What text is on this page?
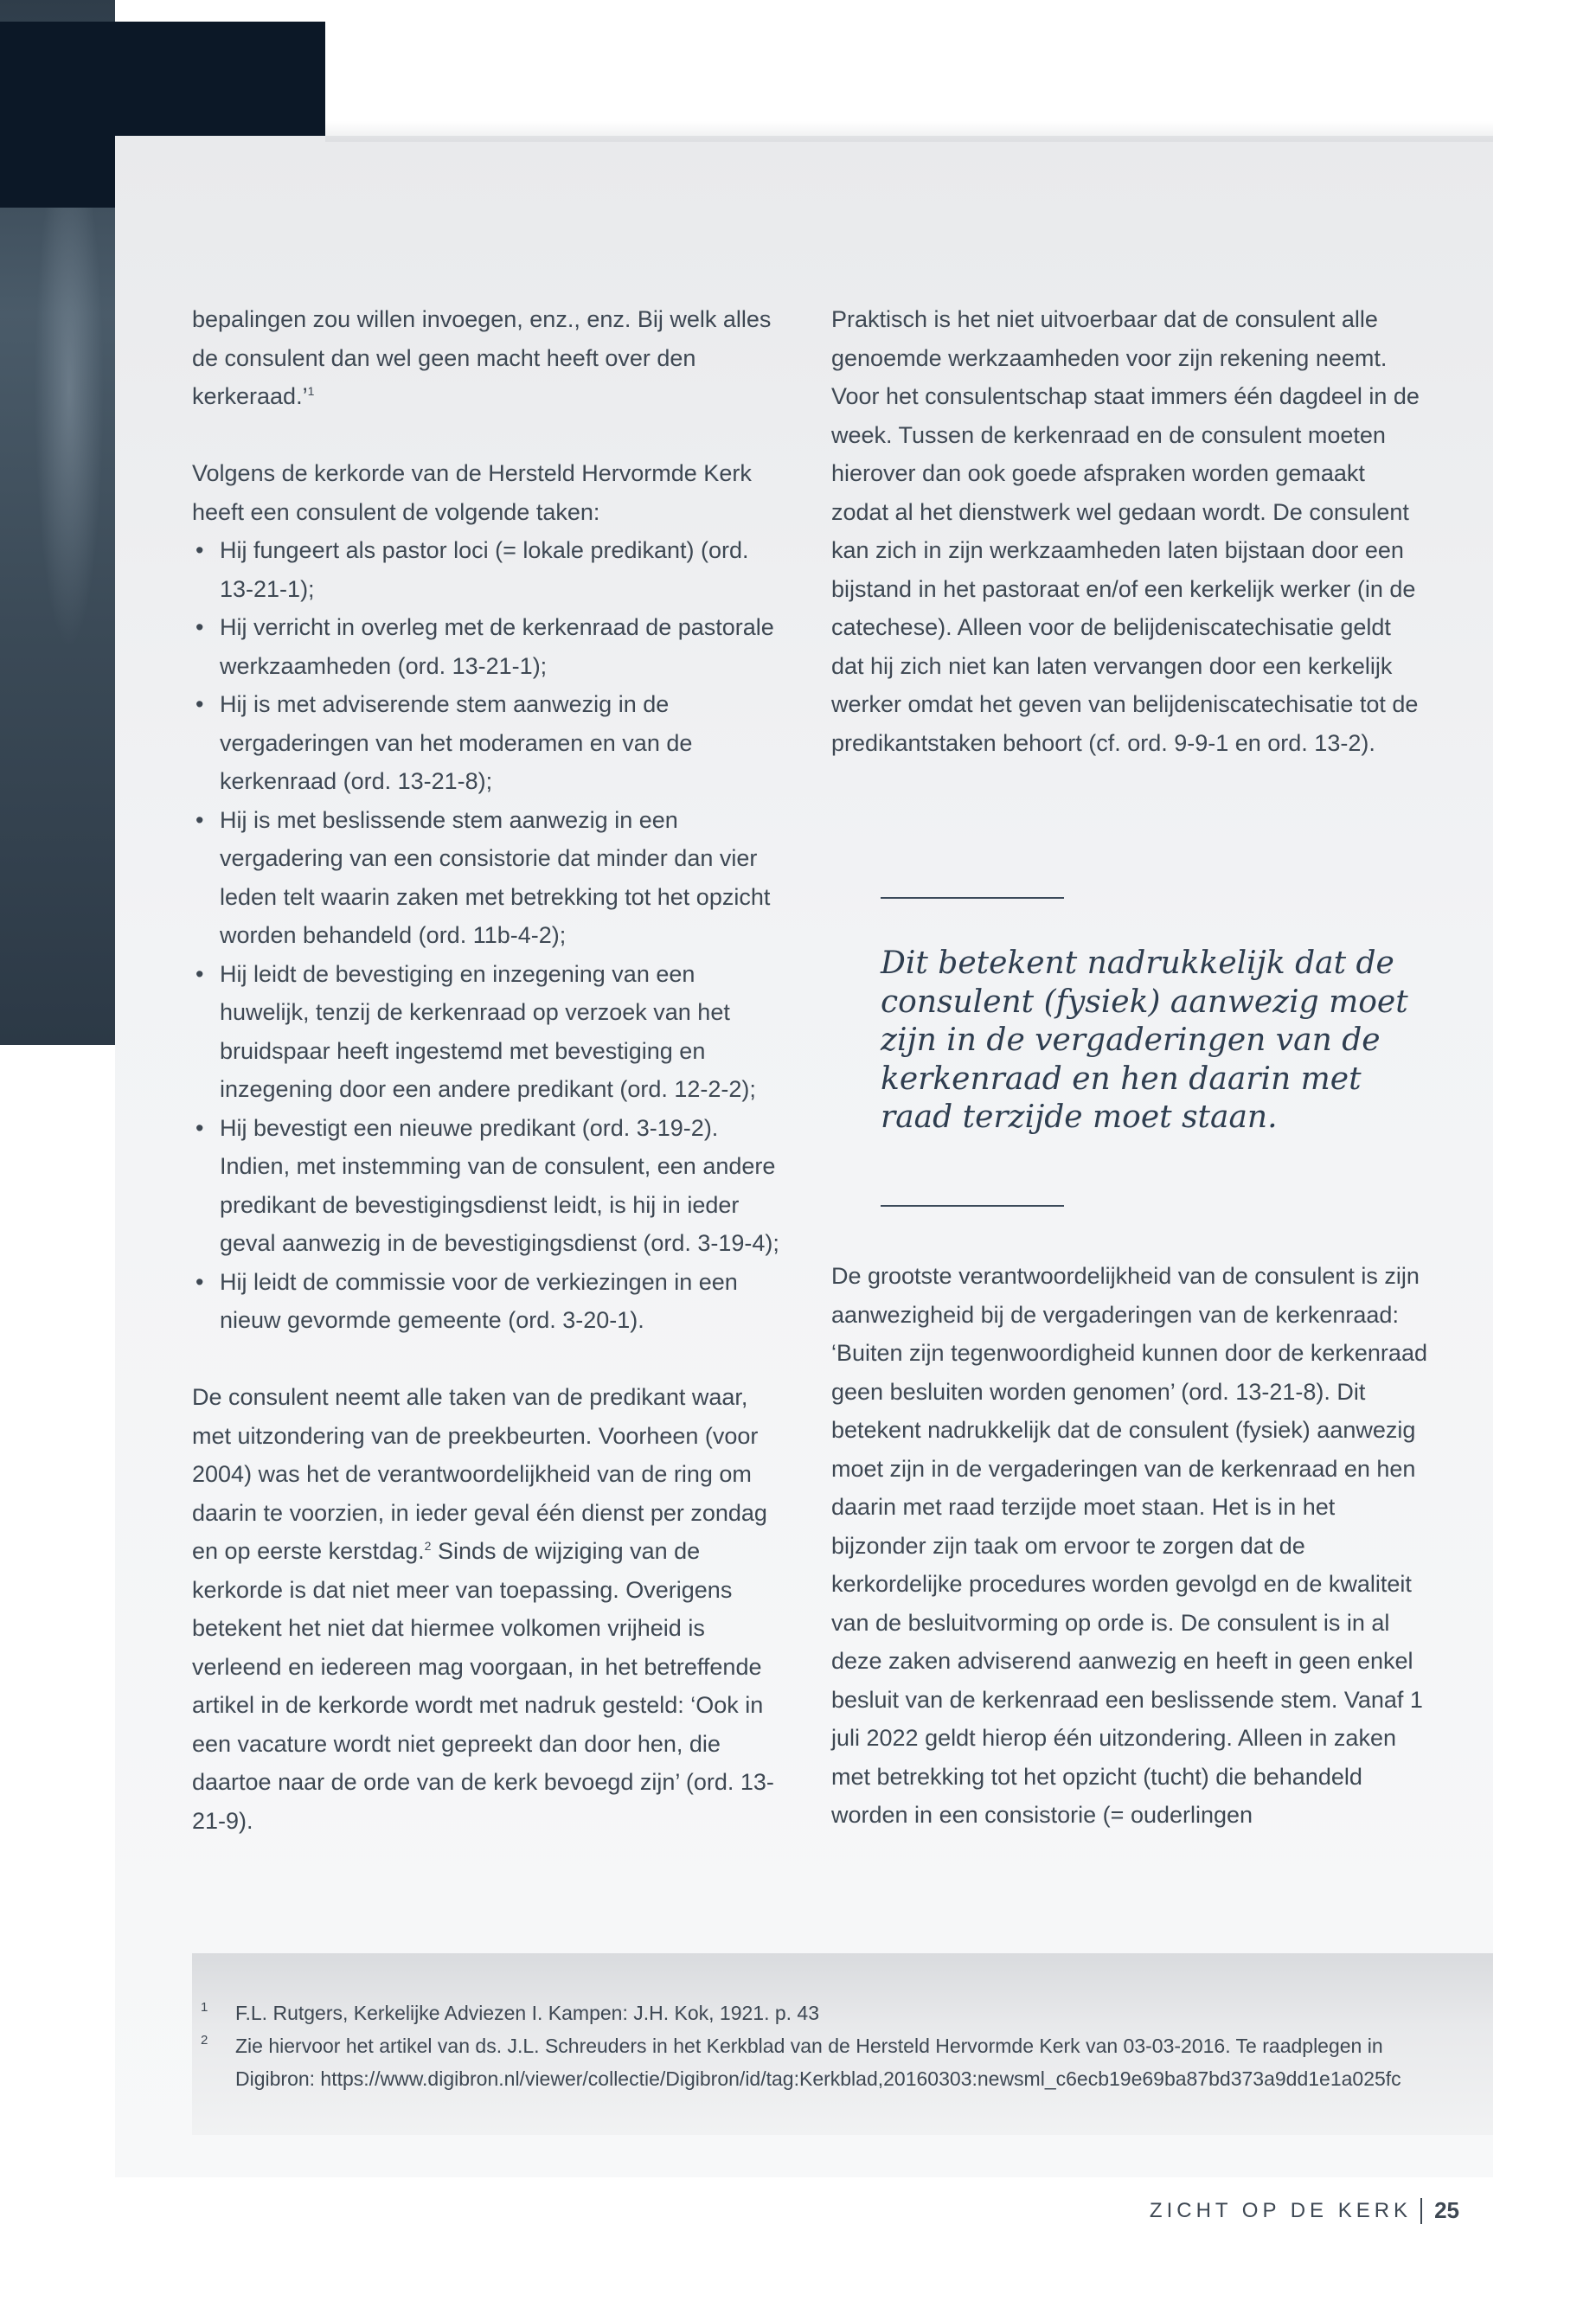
bepalingen zou willen invoegen, enz., enz. Bij welk alles de consulent dan wel geen macht heeft over den kerkeraad.’$^1$

Volgens de kerkorde van de Hersteld Hervormde Kerk heeft een consulent de volgende taken:

• Hij fungeert als pastor loci (= lokale predikant) (ord. 13-21-1);
• Hij verricht in overleg met de kerkenraad de pastorale werkzaamheden (ord. 13-21-1);
• Hij is met adviserende stem aanwezig in de vergaderingen van het moderamen en van de kerkenraad (ord. 13-21-8);
• Hij is met beslissende stem aanwezig in een vergadering van een consistorie dat minder dan vier leden telt waarin zaken met betrekking tot het opzicht worden behandeld (ord. 11b-4-2);
• Hij leidt de bevestiging en inzegening van een huwelijk, tenzij de kerkenraad op verzoek van het bruidspaar heeft ingestemd met bevestiging en inzegening door een andere predikant (ord. 12-2-2);
• Hij bevestigt een nieuwe predikant (ord. 3-19-2). Indien, met instemming van de consulent, een andere predikant de bevestigingsdienst leidt, is hij in ieder geval aanwezig in de bevestigingsdienst (ord. 3-19-4);
• Hij leidt de commissie voor de verkiezingen in een nieuw gevormde gemeente (ord. 3-20-1).

De consulent neemt alle taken van de predikant waar, met uitzondering van de preekbeurten. Voorheen (voor 2004) was het de verantwoordelijkheid van de ring om daarin te voorzien, in ieder geval één dienst per zondag en op eerste kerstdag.$^2$ Sinds de wijziging van de kerkorde is dat niet meer van toepassing. Overigens betekent het niet dat hiermee volkomen vrijheid is verleend en iedereen mag voorgaan, in het betreffende artikel in de kerkorde wordt met nadruk gesteld: ‘Ook in een vacature wordt niet gepreekt dan door hen, die daartoe naar de orde van de kerk bevoegd zijn’ (ord. 13-21-9).

Praktisch is het niet uitvoerbaar dat de consulent alle genoemde werkzaamheden voor zijn rekening neemt. Voor het consulentschap staat immers één dagdeel in de week. Tussen de kerkenraad en de consulent moeten hierover dan ook goede afspraken worden gemaakt zodat al het dienstwerk wel gedaan wordt. De consulent kan zich in zijn werkzaamheden laten bijstaan door een bijstand in het pastoraat en/of een kerkelijk werker (in de catechese). Alleen voor de belijdeniscatechisatie geldt dat hij zich niet kan laten vervangen door een kerkelijk werker omdat het geven van belijdeniscatechisatie tot de predikantstaken behoort (cf. ord. 9-9-1 en ord. 13-2).

Dit betekent nadrukkelijk dat de consulent (fysiek) aanwezig moet zijn in de vergaderingen van de kerkenraad en hen daarin met raad terzijde moet staan.

De grootste verantwoordelijkheid van de consulent is zijn aanwezigheid bij de vergaderingen van de kerkenraad: ‘Buiten zijn tegenwoordigheid kunnen door de kerkenraad geen besluiten worden genomen’ (ord. 13-21-8). Dit betekent nadrukkelijk dat de consulent (fysiek) aanwezig moet zijn in de vergaderingen van de kerkenraad en hen daarin met raad terzijde moet staan. Het is in het bijzonder zijn taak om ervoor te zorgen dat de kerkordelijke procedures worden gevolgd en de kwaliteit van de besluitvorming op orde is. De consulent is in al deze zaken adviserend aanwezig en heeft in geen enkel besluit van de kerkenraad een beslissende stem. Vanaf 1 juli 2022 geldt hierop één uitzondering. Alleen in zaken met betrekking tot het opzicht (tucht) die behandeld worden in een consistorie (= ouderlingen

1 F.L. Rutgers, Kerkelijke Adviezen I. Kampen: J.H. Kok, 1921. p. 43
2 Zie hiervoor het artikel van ds. J.L. Schreuders in het Kerkblad van de Hersteld Hervormde Kerk van 03-03-2016. Te raadplegen in Digibron: https://www.digibron.nl/viewer/collectie/Digibron/id/tag:Kerkblad,20160303:newsml_c6ecb19e69ba87bd373a9dd1e1a025fc
ZICHT OP DE KERK 25
